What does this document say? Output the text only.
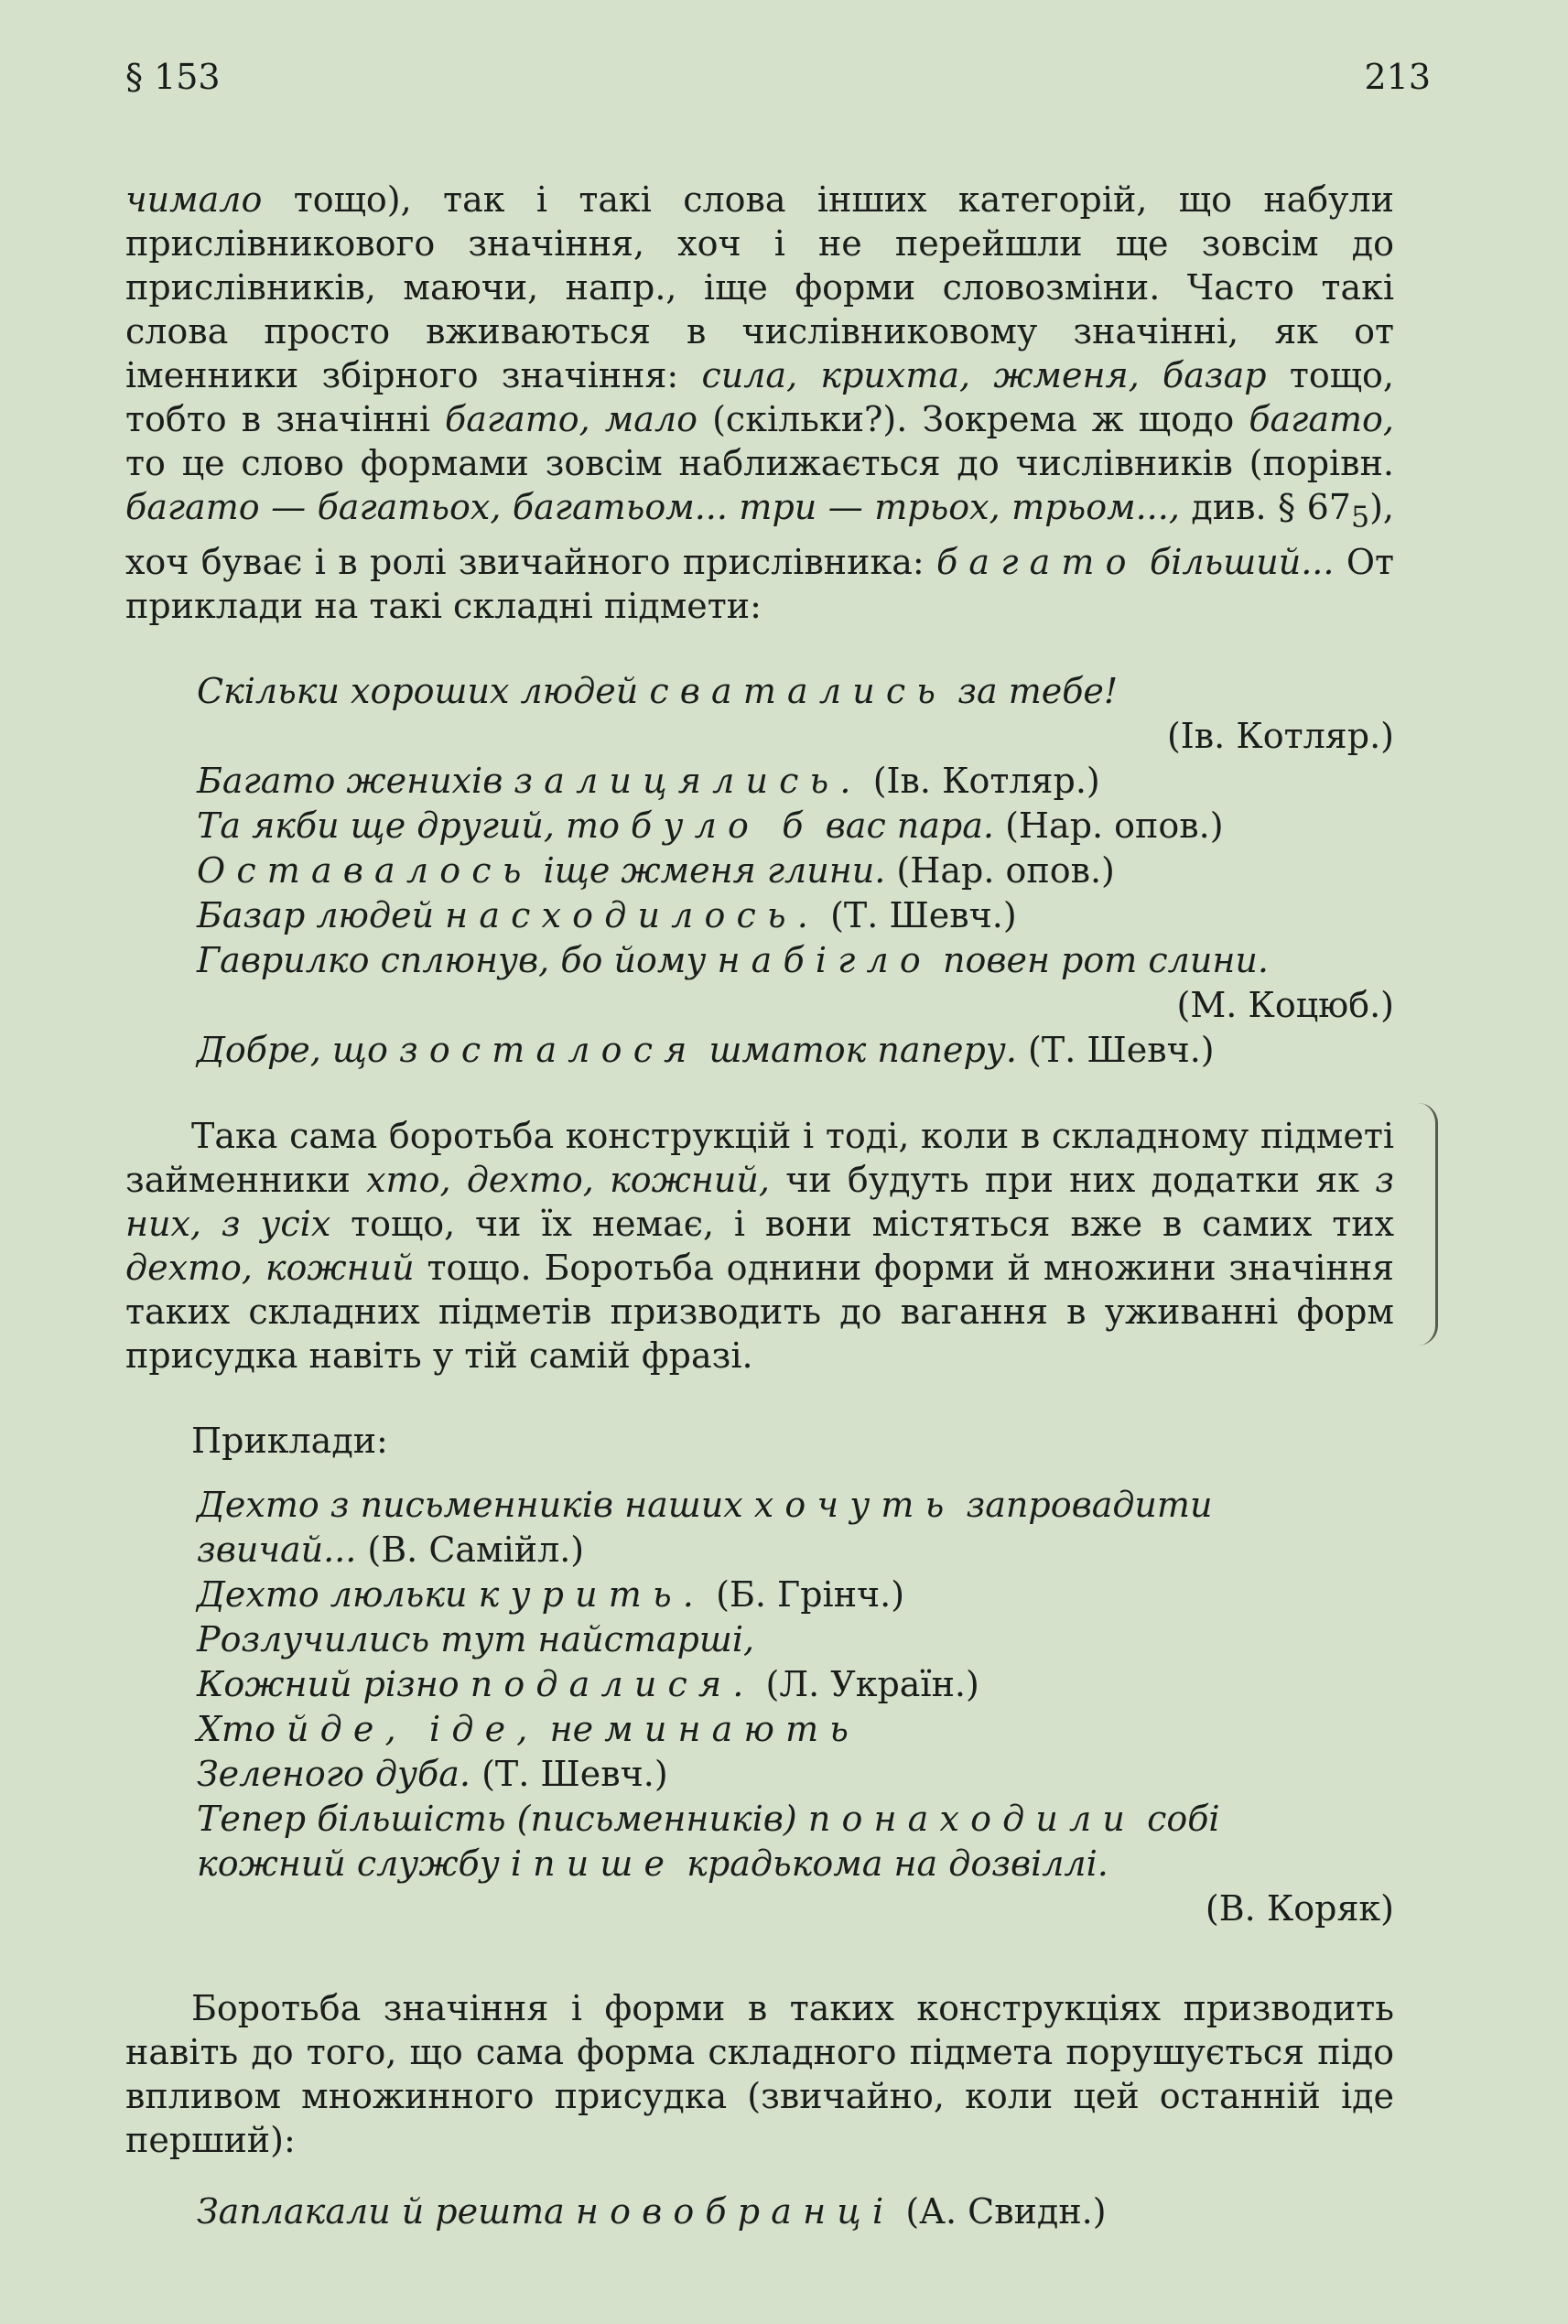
§ 153	213

чимало тощо), так і такі слова інших категорій, що набули прислівникового значіння, хоч і не перейшли ще зовсім до прислівників, маючи, напр., іще форми словозміни. Часто такі слова просто вживаються в числівниковому значінні, як от іменники збірного значіння: сила, крихта, жменя, базар тощо, тобто в значінні багато, мало (скільки?). Зокрема ж щодо багато, то це слово формами зовсім наближається до числівників (порівн. багато — багатьох, багатьом... три — трьох, трьом..., див. § $67_5$), хоч буває і в ролі звичайного прислівника: багато більший... От приклади на такі складні підмети:

Скільки хороших людей сватались за тебе!

(Ів. Котляр.)

Багато женихів залицялись. (Ів. Котляр.)

Та якби ще другий, то було б вас пара. (Нар. опов.)

Оставалось іще жменя глини. (Нар. опов.)

Базар людей насходилось. (Т. Шевч.)

Гаврилко сплюнув, бо йому набігло повен рот слини.

(М. Коцюб.)

Добре, що зосталося шматок паперу. (Т. Шевч.)

Така сама боротьба конструкцій і тоді, коли в складному підметі займенники хто, дехто, кожний, чи будуть при них додатки як з них, з усіх тощо, чи їх немає, і вони містяться вже в самих тих дехто, кожний тощо. Боротьба однини форми й множини значіння таких складних підметів призводить до вагання в уживанні форм присудка навіть у тій самій фразі.

Приклади:

Дехто з письменників наших хочуть запровадити

звичай... (В. Самійл.)

Дехто люльки курить. (Б. Грінч.)

Розлучились тут найстарші,

Кожний різно подалися. (Л. Україн.)

Хто йде, іде, не минають

Зеленого дуба. (Т. Шевч.)

Тепер більшість (письменників) понаходили собі

кожний службу і пише крадькома на дозвіллі.

(В. Коряк)

Боротьба значіння і форми в таких конструкціях призводить навіть до того, що сама форма складного підмета порушується підо впливом множинного присудка (звичайно, коли цей останній іде перший):

Заплакали й решта новобранці (А. Свидн.)
